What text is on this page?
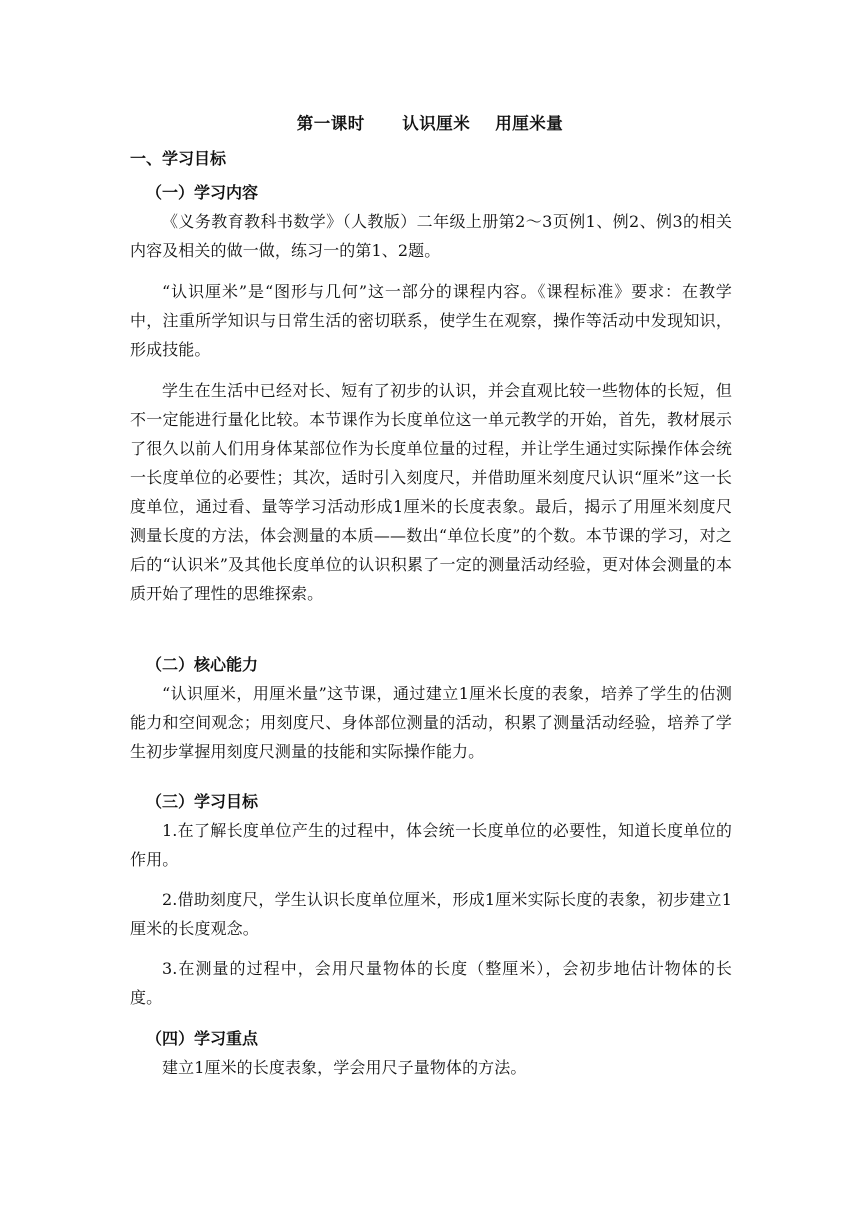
第一课时      认识厘米    用厘米量
一、学习目标
（一）学习内容

《义务教育教科书数学》（人教版）二年级上册第2～3页例1、例2、例3的相关内容及相关的做一做，练习一的第1、2题。

“认识厘米”是“图形与几何”这一部分的课程内容。《课程标准》要求：在教学中，注重所学知识与日常生活的密切联系，使学生在观察，操作等活动中发现知识，形成技能。

学生在生活中已经对长、短有了初步的认识，并会直观比较一些物体的长短，但不一定能进行量化比较。本节课作为长度单位这一单元教学的开始，首先，教材展示了很久以前人们用身体某部位作为长度单位量的过程，并让学生通过实际操作体会统一长度单位的必要性；其次，适时引入刻度尺，并借助厘米刻度尺认识“厘米”这一长度单位，通过看、量等学习活动形成1厘米的长度表象。最后，揭示了用厘米刻度尺测量长度的方法，体会测量的本质——数出“单位长度”的个数。本节课的学习，对之后的“认识米”及其他长度单位的认识积累了一定的测量活动经验，更对体会测量的本质开始了理性的思维探索。

（二）核心能力

“认识厘米，用厘米量”这节课，通过建立1厘米长度的表象，培养了学生的估测能力和空间观念；用刻度尺、身体部位测量的活动，积累了测量活动经验，培养了学生初步掌握用刻度尺测量的技能和实际操作能力。

（三）学习目标

1.在了解长度单位产生的过程中，体会统一长度单位的必要性，知道长度单位的作用。

2.借助刻度尺，学生认识长度单位厘米，形成1厘米实际长度的表象，初步建立1厘米的长度观念。

3.在测量的过程中，会用尺量物体的长度（整厘米），会初步地估计物体的长度。

（四）学习重点

建立1厘米的长度表象，学会用尺子量物体的方法。
